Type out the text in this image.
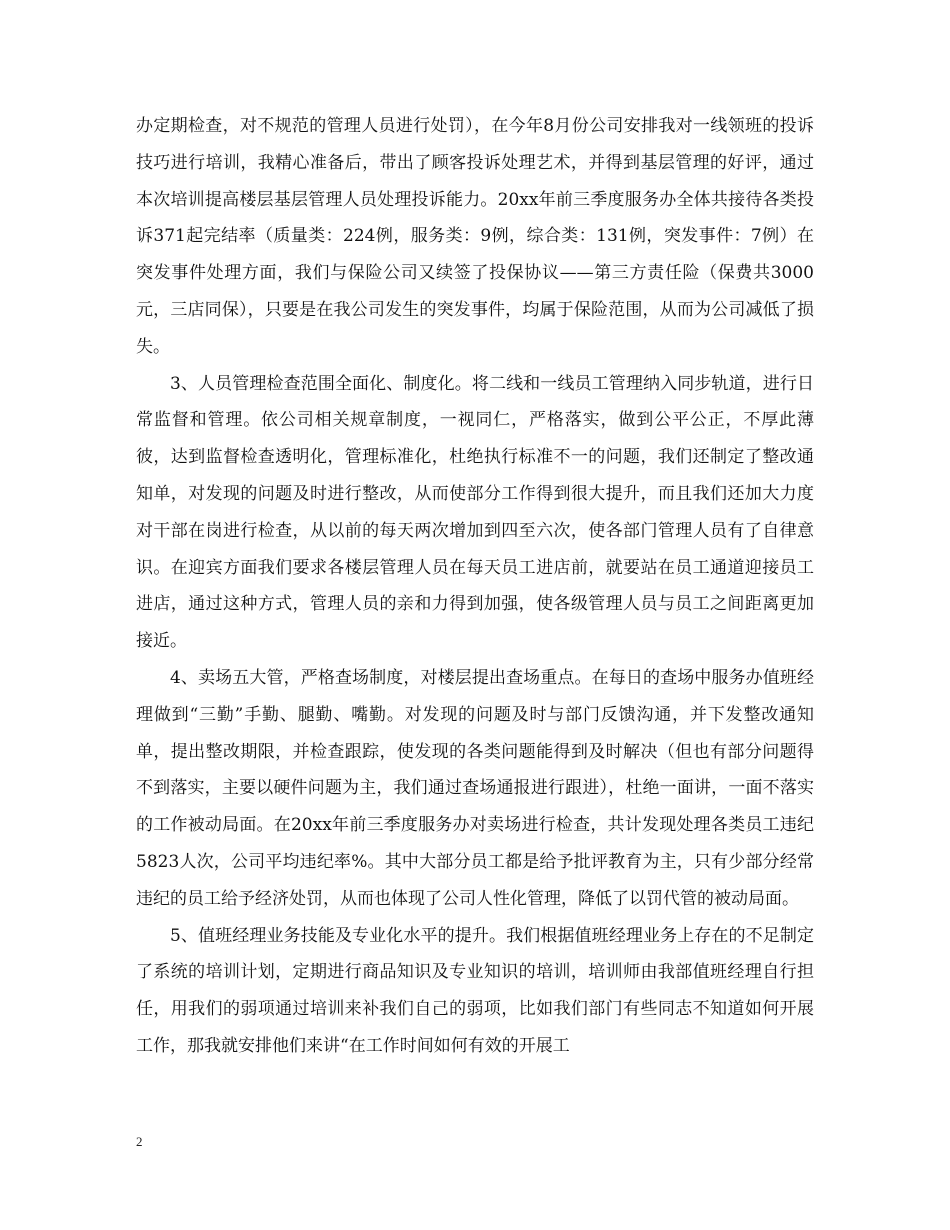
办定期检查，对不规范的管理人员进行处罚），在今年8月份公司安排我对一线领班的投诉技巧进行培训，我精心准备后，带出了顾客投诉处理艺术，并得到基层管理的好评，通过本次培训提高楼层基层管理人员处理投诉能力。20xx年前三季度服务办全体共接待各类投诉371起完结率（质量类：224例，服务类：9例，综合类：131例，突发事件：7例）在突发事件处理方面，我们与保险公司又续签了投保协议——第三方责任险（保费共3000元，三店同保），只要是在我公司发生的突发事件，均属于保险范围，从而为公司减低了损失。

3、人员管理检查范围全面化、制度化。将二线和一线员工管理纳入同步轨道，进行日常监督和管理。依公司相关规章制度，一视同仁，严格落实，做到公平公正，不厚此薄彼，达到监督检查透明化，管理标准化，杜绝执行标准不一的问题，我们还制定了整改通知单，对发现的问题及时进行整改，从而使部分工作得到很大提升，而且我们还加大力度对干部在岗进行检查，从以前的每天两次增加到四至六次，使各部门管理人员有了自律意识。在迎宾方面我们要求各楼层管理人员在每天员工进店前，就要站在员工通道迎接员工进店，通过这种方式，管理人员的亲和力得到加强，使各级管理人员与员工之间距离更加接近。

4、卖场五大管，严格查场制度，对楼层提出查场重点。在每日的查场中服务办值班经理做到“三勤”手勤、腿勤、嘴勤。对发现的问题及时与部门反馈沟通，并下发整改通知单，提出整改期限，并检查跟踪，使发现的各类问题能得到及时解决（但也有部分问题得不到落实，主要以硬件问题为主，我们通过查场通报进行跟进），杜绝一面讲，一面不落实的工作被动局面。在20xx年前三季度服务办对卖场进行检查，共计发现处理各类员工违纪5823人次，公司平均违纪率%。其中大部分员工都是给予批评教育为主，只有少部分经常违纪的员工给予经济处罚，从而也体现了公司人性化管理，降低了以罚代管的被动局面。

5、值班经理业务技能及专业化水平的提升。我们根据值班经理业务上存在的不足制定了系统的培训计划，定期进行商品知识及专业知识的培训，培训师由我部值班经理自行担任，用我们的弱项通过培训来补我们自己的弱项，比如我们部门有些同志不知道如何开展工作，那我就安排他们来讲“在工作时间如何有效的开展工

2
